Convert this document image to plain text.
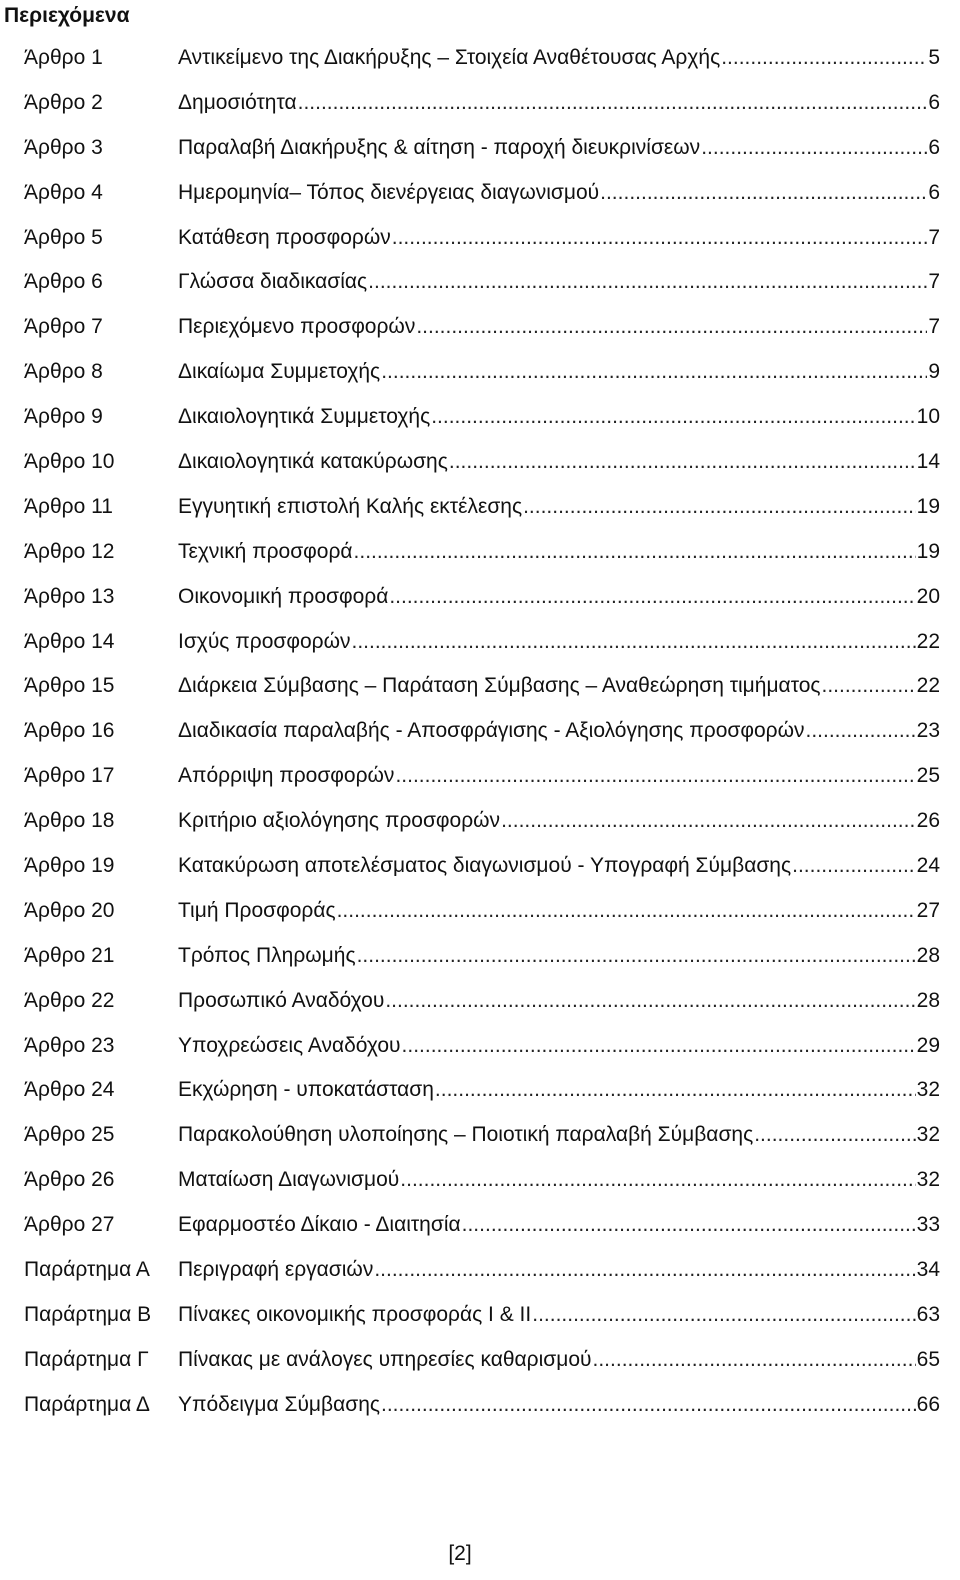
Περιεχόμενα
Άρθρο 1	Αντικείμενο της Διακήρυξης – Στοιχεία Αναθέτουσας Αρχής .....	5
Άρθρο 2	Δημοσιότητα .....	6
Άρθρο 3	Παραλαβή Διακήρυξης & αίτηση - παροχή διευκρινίσεων .....	6
Άρθρο 4	Ημερομηνία– Τόπος διενέργειας διαγωνισμού .....	6
Άρθρο 5	Κατάθεση προσφορών .....	7
Άρθρο 6	Γλώσσα διαδικασίας .....	7
Άρθρο 7	Περιεχόμενο προσφορών .....	7
Άρθρο 8	Δικαίωμα Συμμετοχής .....	9
Άρθρο 9	Δικαιολογητικά Συμμετοχής .....	10
Άρθρο 10	Δικαιολογητικά κατακύρωσης .....	14
Άρθρο 11	Εγγυητική επιστολή Καλής εκτέλεσης .....	19
Άρθρο 12	Τεχνική προσφορά .....	19
Άρθρο 13	Οικονομική προσφορά .....	20
Άρθρο 14	Ισχύς προσφορών .....	22
Άρθρο 15	Διάρκεια Σύμβασης – Παράταση Σύμβασης – Αναθεώρηση τιμήματος .....	22
Άρθρο 16	Διαδικασία παραλαβής - Αποσφράγισης - Αξιολόγησης προσφορών .....	23
Άρθρο 17	Απόρριψη προσφορών .....	25
Άρθρο 18	Κριτήριο αξιολόγησης προσφορών .....	26
Άρθρο 19	Κατακύρωση αποτελέσματος διαγωνισμού - Υπογραφή Σύμβασης .....	24
Άρθρο 20	Τιμή Προσφοράς .....	27
Άρθρο 21	Τρόπος Πληρωμής .....	28
Άρθρο 22	Προσωπικό Αναδόχου .....	28
Άρθρο 23	Υποχρεώσεις Αναδόχου .....	29
Άρθρο 24	Εκχώρηση - υποκατάσταση .....	32
Άρθρο 25	Παρακολούθηση υλοποίησης – Ποιοτική παραλαβή Σύμβασης .....	32
Άρθρο 26	Ματαίωση Διαγωνισμού .....	32
Άρθρο 27	Εφαρμοστέο Δίκαιο - Διαιτησία .....	33
Παράρτημα Α	Περιγραφή εργασιών .....	34
Παράρτημα Β	Πίνακες οικονομικής προσφοράς Ι & ΙΙ .....	63
Παράρτημα Γ	Πίνακας με ανάλογες υπηρεσίες καθαρισμού .....	65
Παράρτημα Δ	Υπόδειγμα Σύμβασης .....	66
[2]
